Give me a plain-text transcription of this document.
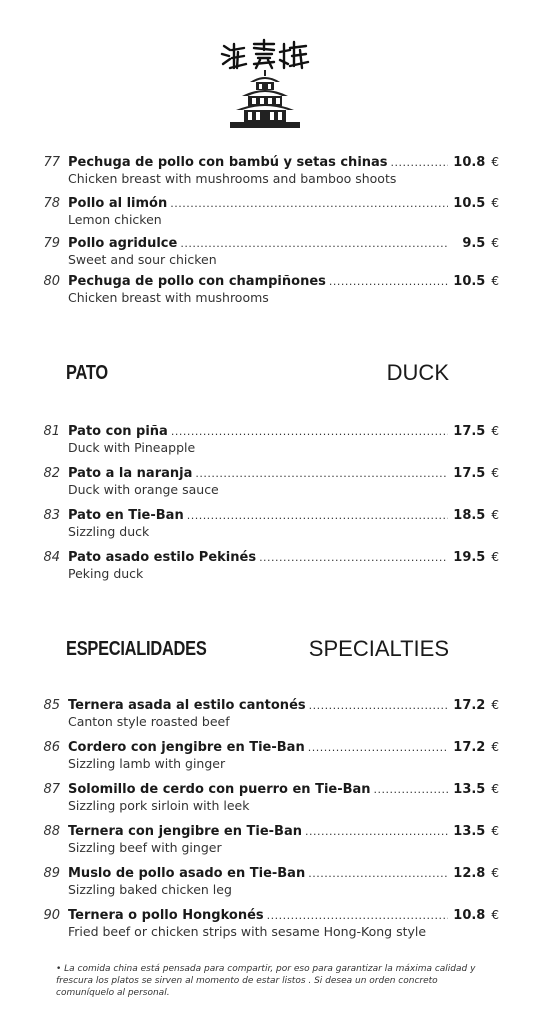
77 Pechuga de pollo con bambú y setas chinas .....	10.8 €
Chicken breast with mushrooms and bamboo shoots
78 Pollo al limón .....	10.5 €
Lemon chicken
79 Pollo agridulce .....	9.5 €
Sweet and sour chicken
80 Pechuga de pollo con champiñones .....	10.5 €
Chicken breast with mushrooms
PATO	DUCK
81 Pato con piña .....	17.5 €
Duck with Pineapple
82 Pato a la naranja .....	17.5 €
Duck with orange sauce
83 Pato en Tie-Ban .....	18.5 €
Sizzling duck
84 Pato asado estilo Pekinés .....	19.5 €
Peking duck
ESPECIALIDADES	SPECIALTIES
85 Ternera asada al estilo cantonés .....	17.2 €
Canton style roasted beef
86 Cordero con jengibre en Tie-Ban .....	17.2 €
Sizzling lamb with ginger
87 Solomillo de cerdo con puerro en Tie-Ban .....	13.5 €
Sizzling pork sirloin with leek
88 Ternera con jengibre en Tie-Ban .....	13.5 €
Sizzling beef with ginger
89 Muslo de pollo asado en Tie-Ban .....	12.8 €
Sizzling baked chicken leg
90 Ternera o pollo Hongkonés .....	10.8 €
Fried beef or chicken strips with sesame Hong-Kong style
• La comida china está pensada para compartir, por eso para garantizar la máxima calidad y frescura los platos se sirven al momento de estar listos . Si desea un orden concreto comuníquelo al personal.
